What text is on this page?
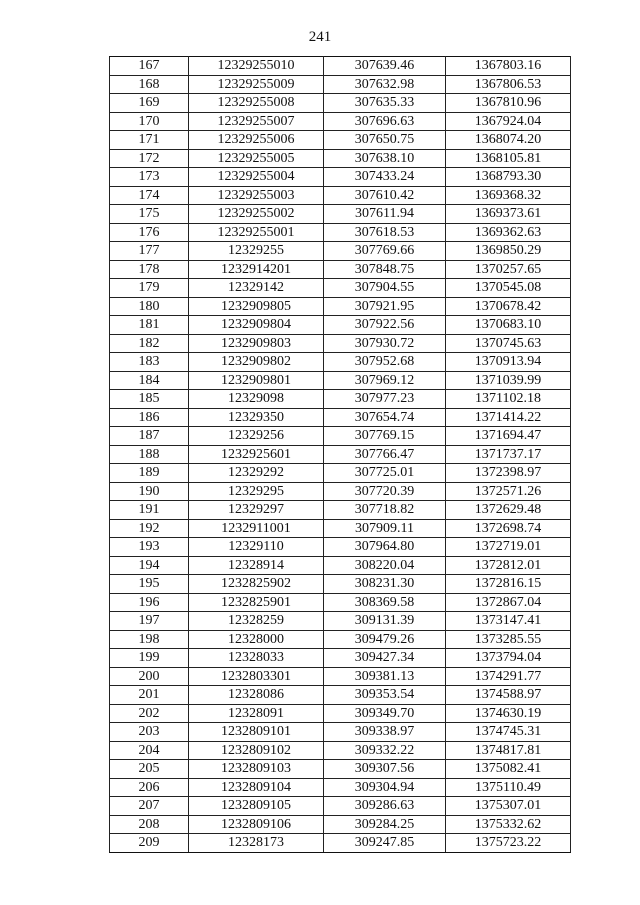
241
167	12329255010	307639.46	1367803.16
168	12329255009	307632.98	1367806.53
169	12329255008	307635.33	1367810.96
170	12329255007	307696.63	1367924.04
171	12329255006	307650.75	1368074.20
172	12329255005	307638.10	1368105.81
173	12329255004	307433.24	1368793.30
174	12329255003	307610.42	1369368.32
175	12329255002	307611.94	1369373.61
176	12329255001	307618.53	1369362.63
177	12329255	307769.66	1369850.29
178	1232914201	307848.75	1370257.65
179	12329142	307904.55	1370545.08
180	1232909805	307921.95	1370678.42
181	1232909804	307922.56	1370683.10
182	1232909803	307930.72	1370745.63
183	1232909802	307952.68	1370913.94
184	1232909801	307969.12	1371039.99
185	12329098	307977.23	1371102.18
186	12329350	307654.74	1371414.22
187	12329256	307769.15	1371694.47
188	1232925601	307766.47	1371737.17
189	12329292	307725.01	1372398.97
190	12329295	307720.39	1372571.26
191	12329297	307718.82	1372629.48
192	1232911001	307909.11	1372698.74
193	12329110	307964.80	1372719.01
194	12328914	308220.04	1372812.01
195	1232825902	308231.30	1372816.15
196	1232825901	308369.58	1372867.04
197	12328259	309131.39	1373147.41
198	12328000	309479.26	1373285.55
199	12328033	309427.34	1373794.04
200	1232803301	309381.13	1374291.77
201	12328086	309353.54	1374588.97
202	12328091	309349.70	1374630.19
203	1232809101	309338.97	1374745.31
204	1232809102	309332.22	1374817.81
205	1232809103	309307.56	1375082.41
206	1232809104	309304.94	1375110.49
207	1232809105	309286.63	1375307.01
208	1232809106	309284.25	1375332.62
209	12328173	309247.85	1375723.22
